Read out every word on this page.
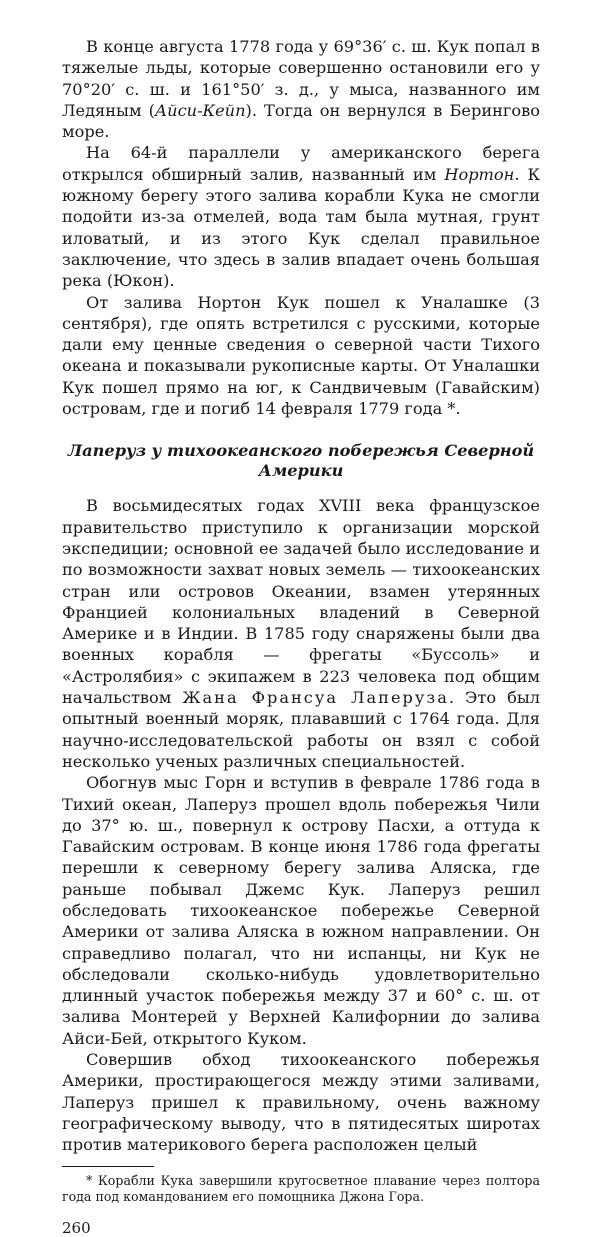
В конце августа 1778 года у 69°36′ с. ш. Кук попал в тяжелые льды, которые совершенно остановили его у 70°20′ с. ш. и 161°50′ з. д., у мыса, названного им Ледяным (Айси-Кейп). Тогда он вернулся в Берингово море.

На 64-й параллели у американского берега открылся обширный залив, названный им Нортон. К южному берегу этого залива корабли Кука не смогли подойти из-за отмелей, вода там была мутная, грунт иловатый, и из этого Кук сделал правильное заключение, что здесь в залив впадает очень большая река (Юкон).

От залива Нортон Кук пошел к Уналашке (3 сентября), где опять встретился с русскими, которые дали ему ценные сведения о северной части Тихого океана и показывали рукописные карты. От Уналашки Кук пошел прямо на юг, к Сандвичевым (Гавайским) островам, где и погиб 14 февраля 1779 года *.

Лаперуз у тихоокеанского побережья Северной Америки

В восьмидесятых годах XVIII века французское правительство приступило к организации морской экспедиции; основной ее задачей было исследование и по возможности захват новых земель — тихоокеанских стран или островов Океании, взамен утерянных Францией колониальных владений в Северной Америке и в Индии. В 1785 году снаряжены были два военных корабля — фрегаты «Буссоль» и «Астролябия» с экипажем в 223 человека под общим начальством Жана Франсуа Лаперуза. Это был опытный военный моряк, плававший с 1764 года. Для научно-исследовательской работы он взял с собой несколько ученых различных специальностей.

Обогнув мыс Горн и вступив в феврале 1786 года в Тихий океан, Лаперуз прошел вдоль побережья Чили до 37° ю. ш., повернул к острову Пасхи, а оттуда к Гавайским островам. В конце июня 1786 года фрегаты перешли к северному берегу залива Аляска, где раньше побывал Джемс Кук. Лаперуз решил обследовать тихоокеанское побережье Северной Америки от залива Аляска в южном направлении. Он справедливо полагал, что ни испанцы, ни Кук не обследовали сколько-нибудь удовлетворительно длинный участок побережья между 37 и 60° с. ш. от залива Монтерей у Верхней Калифорнии до залива Айси-Бей, открытого Куком.

Совершив обход тихоокеанского побережья Америки, простирающегося между этими заливами, Лаперуз пришел к правильному, очень важному географическому выводу, что в пятидесятых широтах против материкового берега расположен целый

* Корабли Кука завершили кругосветное плавание через полтора года под командованием его помощника Джона Гора.

260
